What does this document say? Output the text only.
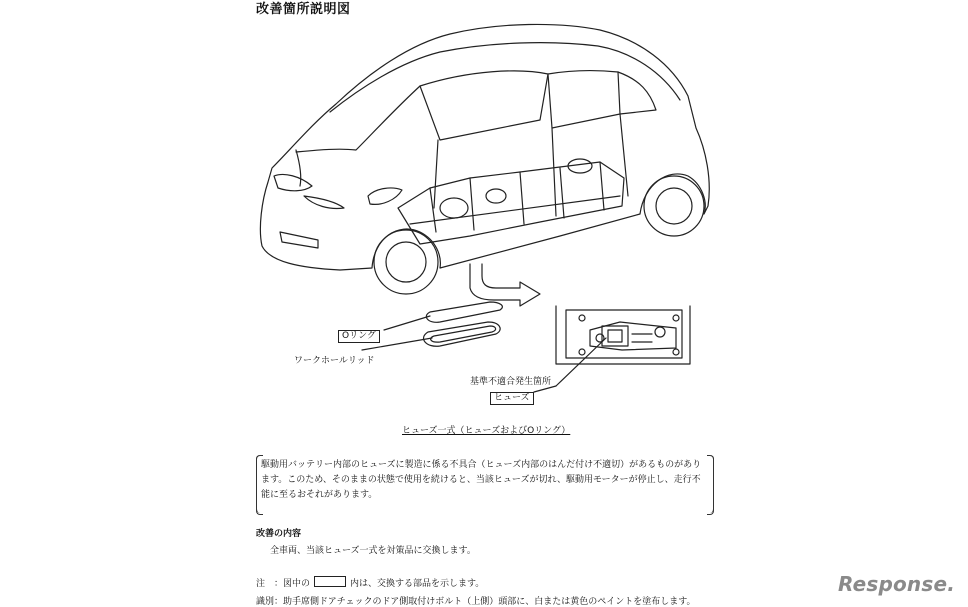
改善箇所説明図
Oリング
ワークホールリッド
基準不適合発生箇所
ヒューズ
ヒューズ一式（ヒューズおよびOリング）
駆動用バッテリー内部のヒューズに製造に係る不具合（ヒューズ内部のはんだ付け不適切）があるものがあります。このため、そのままの状態で使用を続けると、当該ヒューズが切れ、駆動用モーターが停止し、走行不能に至るおそれがあります。
改善の内容
全車両、当該ヒューズ一式を対策品に交換します。
注　：図中の	内は、交換する部品を示します。
識別：助手席側ドアチェックのドア側取付けボルト（上側）頭部に、白または黄色のペイントを塗布します。
Response.
